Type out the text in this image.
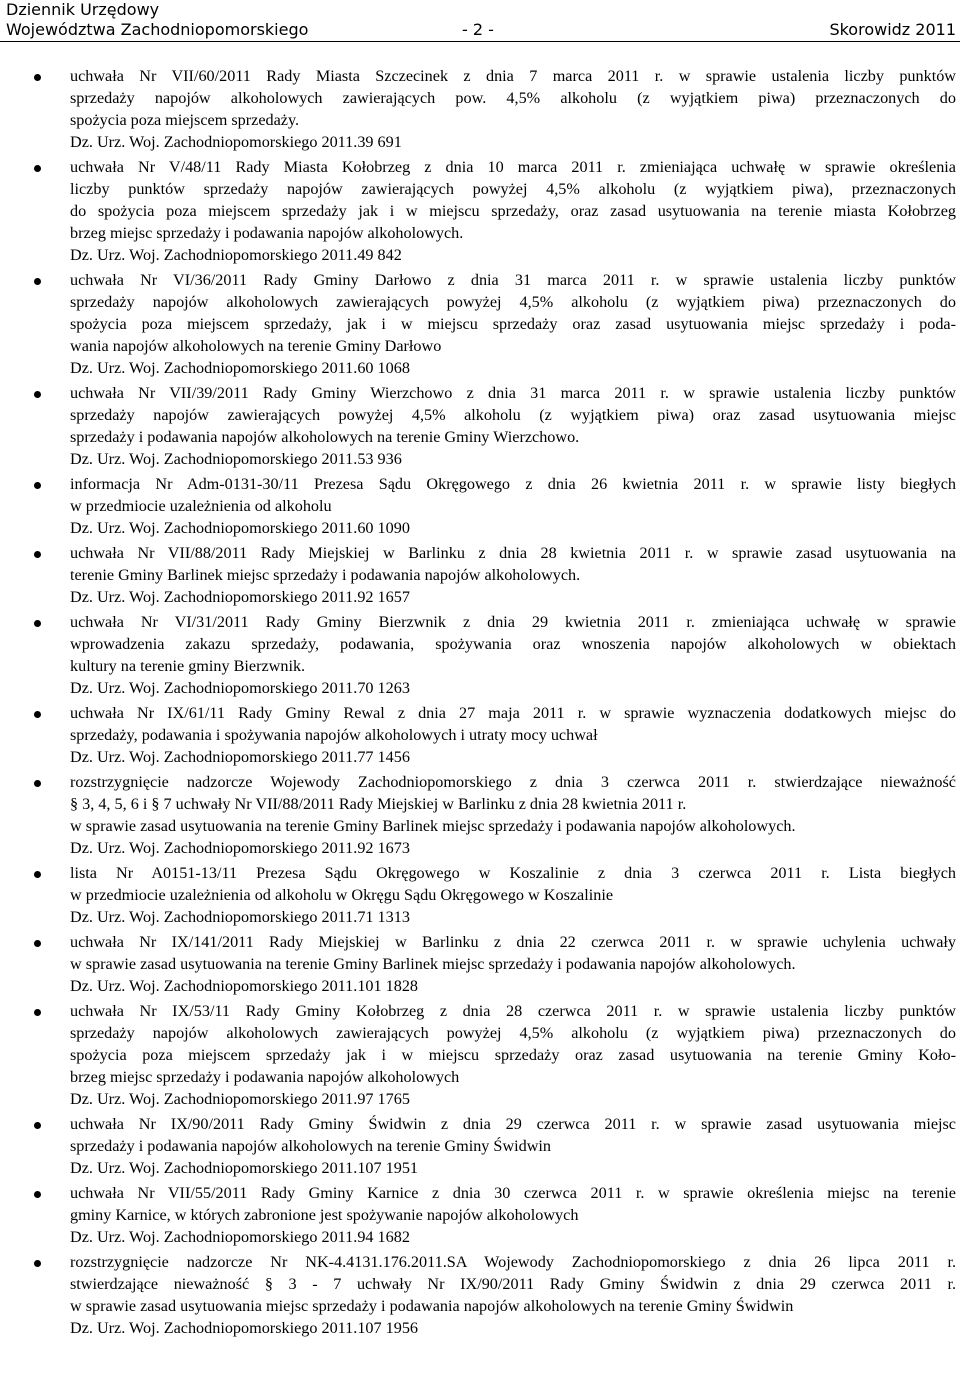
Dziennik Urzędowy
Województwa Zachodniopomorskiego	- 2 -	Skorowidz 2011
uchwała Nr VII/60/2011 Rady Miasta Szczecinek z dnia 7 marca 2011 r. w sprawie ustalenia liczby punktów
sprzedaży napojów alkoholowych zawierających pow. 4,5% alkoholu (z wyjątkiem piwa) przeznaczonych do
spożycia poza miejscem sprzedaży.
Dz. Urz. Woj. Zachodniopomorskiego 2011.39 691
uchwała Nr V/48/11 Rady Miasta Kołobrzeg z dnia 10 marca 2011 r. zmieniająca uchwałę w sprawie określenia
liczby punktów sprzedaży napojów zawierających powyżej 4,5% alkoholu (z wyjątkiem piwa), przeznaczonych
do spożycia poza miejscem sprzedaży jak i w miejscu sprzedaży, oraz zasad usytuowania na terenie miasta Kołobrzeg
brzeg miejsc sprzedaży i podawania napojów alkoholowych.
Dz. Urz. Woj. Zachodniopomorskiego 2011.49 842
uchwała Nr VI/36/2011 Rady Gminy Darłowo z dnia 31 marca 2011 r. w sprawie ustalenia liczby punktów
sprzedaży napojów alkoholowych zawierających powyżej 4,5% alkoholu (z wyjątkiem piwa) przeznaczonych do
spożycia poza miejscem sprzedaży, jak i w miejscu sprzedaży oraz zasad usytuowania miejsc sprzedaży i poda-
wania napojów alkoholowych na terenie Gminy Darłowo
Dz. Urz. Woj. Zachodniopomorskiego 2011.60 1068
uchwała Nr VII/39/2011 Rady Gminy Wierzchowo z dnia 31 marca 2011 r. w sprawie ustalenia liczby punktów
sprzedaży napojów zawierających powyżej 4,5% alkoholu (z wyjątkiem piwa) oraz zasad usytuowania miejsc
sprzedaży i podawania napojów alkoholowych na terenie Gminy Wierzchowo.
Dz. Urz. Woj. Zachodniopomorskiego 2011.53 936
informacja Nr Adm-0131-30/11 Prezesa Sądu Okręgowego z dnia 26 kwietnia 2011 r. w sprawie listy biegłych
w przedmiocie uzależnienia od alkoholu
Dz. Urz. Woj. Zachodniopomorskiego 2011.60 1090
uchwała Nr VII/88/2011 Rady Miejskiej w Barlinku z dnia 28 kwietnia 2011 r. w sprawie zasad usytuowania na
terenie Gminy Barlinek miejsc sprzedaży i podawania napojów alkoholowych.
Dz. Urz. Woj. Zachodniopomorskiego 2011.92 1657
uchwała Nr VI/31/2011 Rady Gminy Bierzwnik z dnia 29 kwietnia 2011 r. zmieniająca uchwałę w sprawie
wprowadzenia zakazu sprzedaży, podawania, spożywania oraz wnoszenia napojów alkoholowych w obiektach
kultury na terenie gminy Bierzwnik.
Dz. Urz. Woj. Zachodniopomorskiego 2011.70 1263
uchwała Nr IX/61/11 Rady Gminy Rewal z dnia 27 maja 2011 r. w sprawie wyznaczenia dodatkowych miejsc do
sprzedaży, podawania i spożywania napojów alkoholowych i utraty mocy uchwał
Dz. Urz. Woj. Zachodniopomorskiego 2011.77 1456
rozstrzygnięcie nadzorcze Wojewody Zachodniopomorskiego z dnia 3 czerwca 2011 r. stwierdzające nieważność
§ 3, 4, 5, 6 i § 7 uchwały Nr VII/88/2011 Rady Miejskiej w Barlinku z dnia 28 kwietnia 2011 r.
w sprawie zasad usytuowania na terenie Gminy Barlinek miejsc sprzedaży i podawania napojów alkoholowych.
Dz. Urz. Woj. Zachodniopomorskiego 2011.92 1673
lista Nr A0151-13/11 Prezesa Sądu Okręgowego w Koszalinie z dnia 3 czerwca 2011 r. Lista biegłych
w przedmiocie uzależnienia od alkoholu w Okręgu Sądu Okręgowego w Koszalinie
Dz. Urz. Woj. Zachodniopomorskiego 2011.71 1313
uchwała Nr IX/141/2011 Rady Miejskiej w Barlinku z dnia 22 czerwca 2011 r. w sprawie uchylenia uchwały
w sprawie zasad usytuowania na terenie Gminy Barlinek miejsc sprzedaży i podawania napojów alkoholowych.
Dz. Urz. Woj. Zachodniopomorskiego 2011.101 1828
uchwała Nr IX/53/11 Rady Gminy Kołobrzeg z dnia 28 czerwca 2011 r. w sprawie ustalenia liczby punktów
sprzedaży napojów alkoholowych zawierających powyżej 4,5% alkoholu (z wyjątkiem piwa) przeznaczonych do
spożycia poza miejscem sprzedaży jak i w miejscu sprzedaży oraz zasad usytuowania na terenie Gminy Koło-
brzeg miejsc sprzedaży i podawania napojów alkoholowych
Dz. Urz. Woj. Zachodniopomorskiego 2011.97 1765
uchwała Nr IX/90/2011 Rady Gminy Świdwin z dnia 29 czerwca 2011 r. w sprawie zasad usytuowania miejsc
sprzedaży i podawania napojów alkoholowych na terenie Gminy Świdwin
Dz. Urz. Woj. Zachodniopomorskiego 2011.107 1951
uchwała Nr VII/55/2011 Rady Gminy Karnice z dnia 30 czerwca 2011 r. w sprawie określenia miejsc na terenie
gminy Karnice, w których zabronione jest spożywanie napojów alkoholowych
Dz. Urz. Woj. Zachodniopomorskiego 2011.94 1682
rozstrzygnięcie nadzorcze Nr NK-4.4131.176.2011.SA Wojewody Zachodniopomorskiego z dnia 26 lipca 2011 r.
stwierdzające nieważność § 3 - 7 uchwały Nr IX/90/2011 Rady Gminy Świdwin z dnia 29 czerwca 2011 r.
w sprawie zasad usytuowania miejsc sprzedaży i podawania napojów alkoholowych na terenie Gminy Świdwin
Dz. Urz. Woj. Zachodniopomorskiego 2011.107 1956
